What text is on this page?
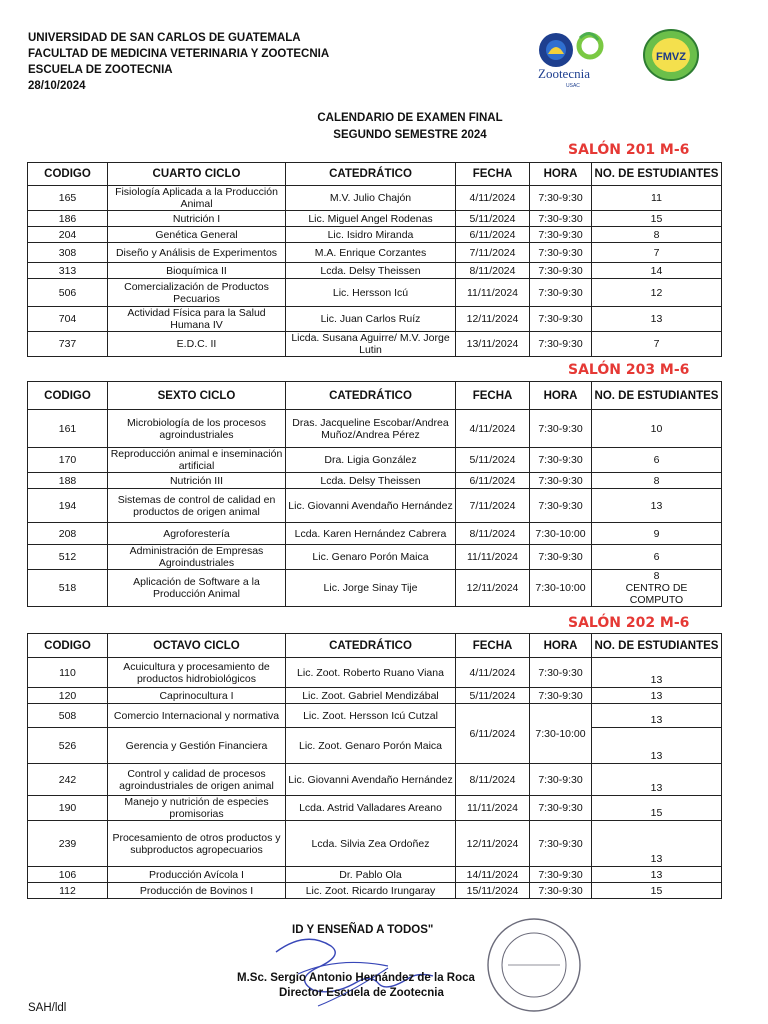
UNIVERSIDAD DE SAN CARLOS DE GUATEMALA
FACULTAD DE MEDICINA VETERINARIA Y ZOOTECNIA
ESCUELA DE ZOOTECNIA
28/10/2024
Zootecnia
USAC
FMVZ
CALENDARIO DE EXAMEN FINAL
SEGUNDO SEMESTRE 2024
SALÓN 201 M-6
SALÓN 203 M-6
SALÓN 202 M-6
CODIGO	CUARTO CICLO	CATEDRÁTICO	FECHA	HORA	NO. DE ESTUDIANTES
165	Fisiología Aplicada a la Producción Animal	M.V. Julio Chajón	4/11/2024	7:30-9:30	11

186	Nutrición I	Lic. Miguel Angel Rodenas	5/11/2024	7:30-9:30	15

204	Genética General	Lic. Isidro Miranda	6/11/2024	7:30-9:30	8

308	Diseño y Análisis de Experimentos	M.A. Enrique Corzantes	7/11/2024	7:30-9:30	7

313	Bioquímica II	Lcda. Delsy Theissen	8/11/2024	7:30-9:30	14

506	Comercialización de Productos Pecuarios	Lic. Hersson Icú	11/11/2024	7:30-9:30	12

704	Actividad Física para la Salud Humana IV	Lic. Juan Carlos Ruíz	12/11/2024	7:30-9:30	13

737	E.D.C. II	Licda. Susana Aguirre/ M.V. Jorge Lutin	13/11/2024	7:30-9:30	7
CODIGO	SEXTO CICLO	CATEDRÁTICO	FECHA	HORA	NO. DE ESTUDIANTES
161	Microbiología de los procesos agroindustriales	Dras. Jacqueline Escobar/Andrea Muñoz/Andrea Pérez	4/11/2024	7:30-9:30	10

170	Reproducción animal e inseminación artificial	Dra. Ligia González	5/11/2024	7:30-9:30	6

188	Nutrición III	Lcda. Delsy Theissen	6/11/2024	7:30-9:30	8

194	Sistemas de control de calidad en productos de origen animal	Lic. Giovanni Avendaño Hernández	7/11/2024	7:30-9:30	13

208	Agroforestería	Lcda. Karen Hernández Cabrera	8/11/2024	7:30-10:00	9

512	Administración de Empresas Agroindustriales	Lic. Genaro Porón Maica	11/11/2024	7:30-9:30	6

518	Aplicación de Software a la Producción Animal	Lic. Jorge Sinay Tije	12/11/2024	7:30-10:00	8
CENTRO DE COMPUTO
CODIGO	OCTAVO CICLO	CATEDRÁTICO	FECHA	HORA	NO. DE ESTUDIANTES
110	Acuicultura y procesamiento de productos hidrobiológicos	Lic. Zoot. Roberto Ruano Viana	4/11/2024	7:30-9:30	13

120	Caprinocultura I	Lic. Zoot. Gabriel Mendizábal	5/11/2024	7:30-9:30	13

508	Comercio Internacional y normativa	Lic. Zoot. Hersson Icú Cutzal	6/11/2024	7:30-10:00	13

526	Gerencia y Gestión Financiera	Lic. Zoot. Genaro Porón Maica			13

242	Control y calidad de procesos agroindustriales de origen animal	Lic. Giovanni Avendaño Hernández	8/11/2024	7:30-9:30	13

190	Manejo y nutrición de especies promisorias	Lcda. Astrid Valladares Areano	11/11/2024	7:30-9:30	15

239	Procesamiento de otros productos y subproductos agropecuarios	Lcda. Silvia Zea Ordoñez	12/11/2024	7:30-9:30	13

106	Producción Avícola I	Dr. Pablo Ola	14/11/2024	7:30-9:30	13

112	Producción de Bovinos I	Lic. Zoot. Ricardo Irungaray	15/11/2024	7:30-9:30	15
ID Y ENSEÑAD A TODOS"
M.Sc. Sergio Antonio Hernández de la Roca
Director Escuela de Zootecnia
SAH/ldl
